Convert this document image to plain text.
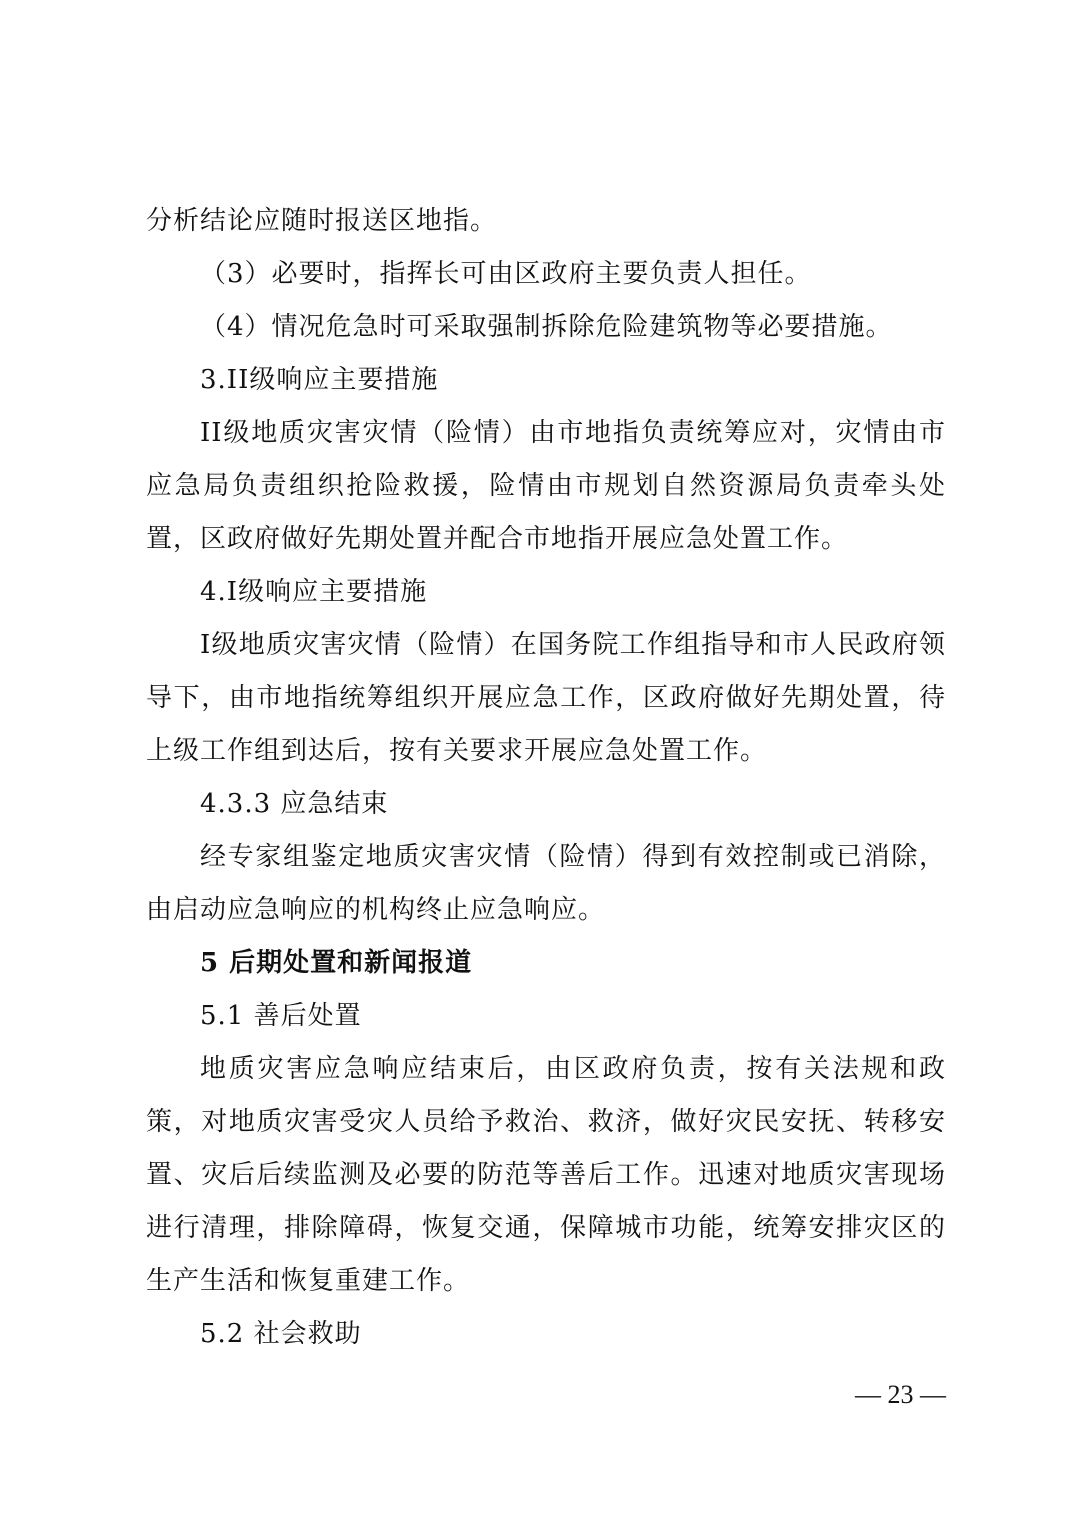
分析结论应随时报送区地指。

（3）必要时，指挥长可由区政府主要负责人担任。

（4）情况危急时可采取强制拆除危险建筑物等必要措施。

3.II级响应主要措施

II级地质灾害灾情（险情）由市地指负责统筹应对，灾情由市应急局负责组织抢险救援，险情由市规划自然资源局负责牵头处置，区政府做好先期处置并配合市地指开展应急处置工作。

4.I级响应主要措施

I级地质灾害灾情（险情）在国务院工作组指导和市人民政府领导下，由市地指统筹组织开展应急工作，区政府做好先期处置，待上级工作组到达后，按有关要求开展应急处置工作。

4.3.3 应急结束

经专家组鉴定地质灾害灾情（险情）得到有效控制或已消除，由启动应急响应的机构终止应急响应。

5 后期处置和新闻报道

5.1 善后处置

地质灾害应急响应结束后，由区政府负责，按有关法规和政策，对地质灾害受灾人员给予救治、救济，做好灾民安抚、转移安置、灾后后续监测及必要的防范等善后工作。迅速对地质灾害现场进行清理，排除障碍，恢复交通，保障城市功能，统筹安排灾区的生产生活和恢复重建工作。

5.2 社会救助

— 23 —
